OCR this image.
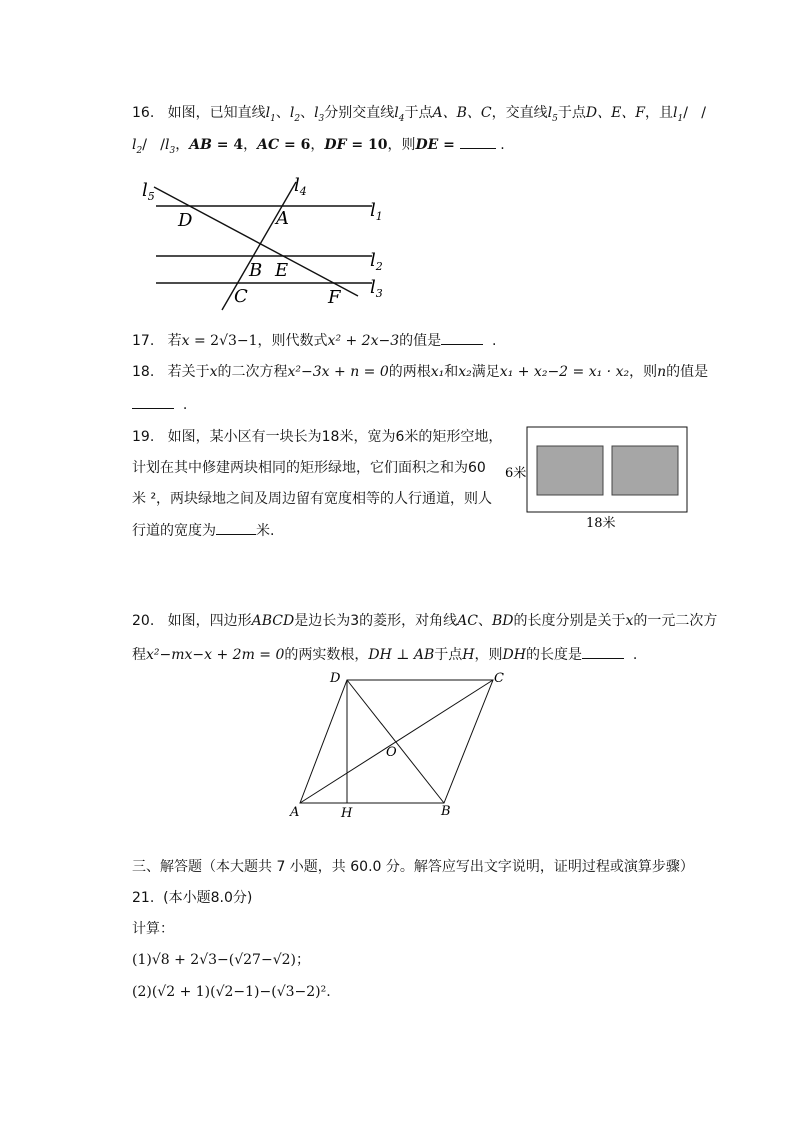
16. 如图，已知直线$l_1$、$l_2$、$l_3$分别交直线$l_4$于点A、B、C，交直线$l_5$于点D、E、F，且$l_1/$   /
$l_2/$   $/l_3$，AB = 4，AC = 6，DF = 10，则DE =	.
$l_5$
$l_4$
$l_1$
$l_2$
$l_3$
D	A
B E
C	F
17. 若x = 2√3−1，则代数式x² + 2x−3的值是	.
18. 若关于x的二次方程x²−3x + n = 0的两根x₁和x₂满足x₁ + x₂−2 = x₁ · x₂，则n的值是
.
19. 如图，某小区有一块长为18米，宽为6米的矩形空地，
计划在其中修建两块相同的矩形绿地，它们面积之和为60
米 ²，两块绿地之间及周边留有宽度相等的人行通道，则人
行道的宽度为	米.
6米
18米
20. 如图，四边形ABCD是边长为3的菱形，对角线AC、BD的长度分别是关于x的一元二次方
程x²−mx−x + 2m = 0的两实数根，DH ⊥ AB于点H，则DH的长度是	.
A	B
C
D
O
H
三、解答题（本大题共 7 小题，共 60.0 分。解答应写出文字说明，证明过程或演算步骤）
21. (本小题8.0分)
计算：
(1)√8 + 2√3−(√27−√2)；
(2)(√2 + 1)(√2−1)−(√3−2)².
